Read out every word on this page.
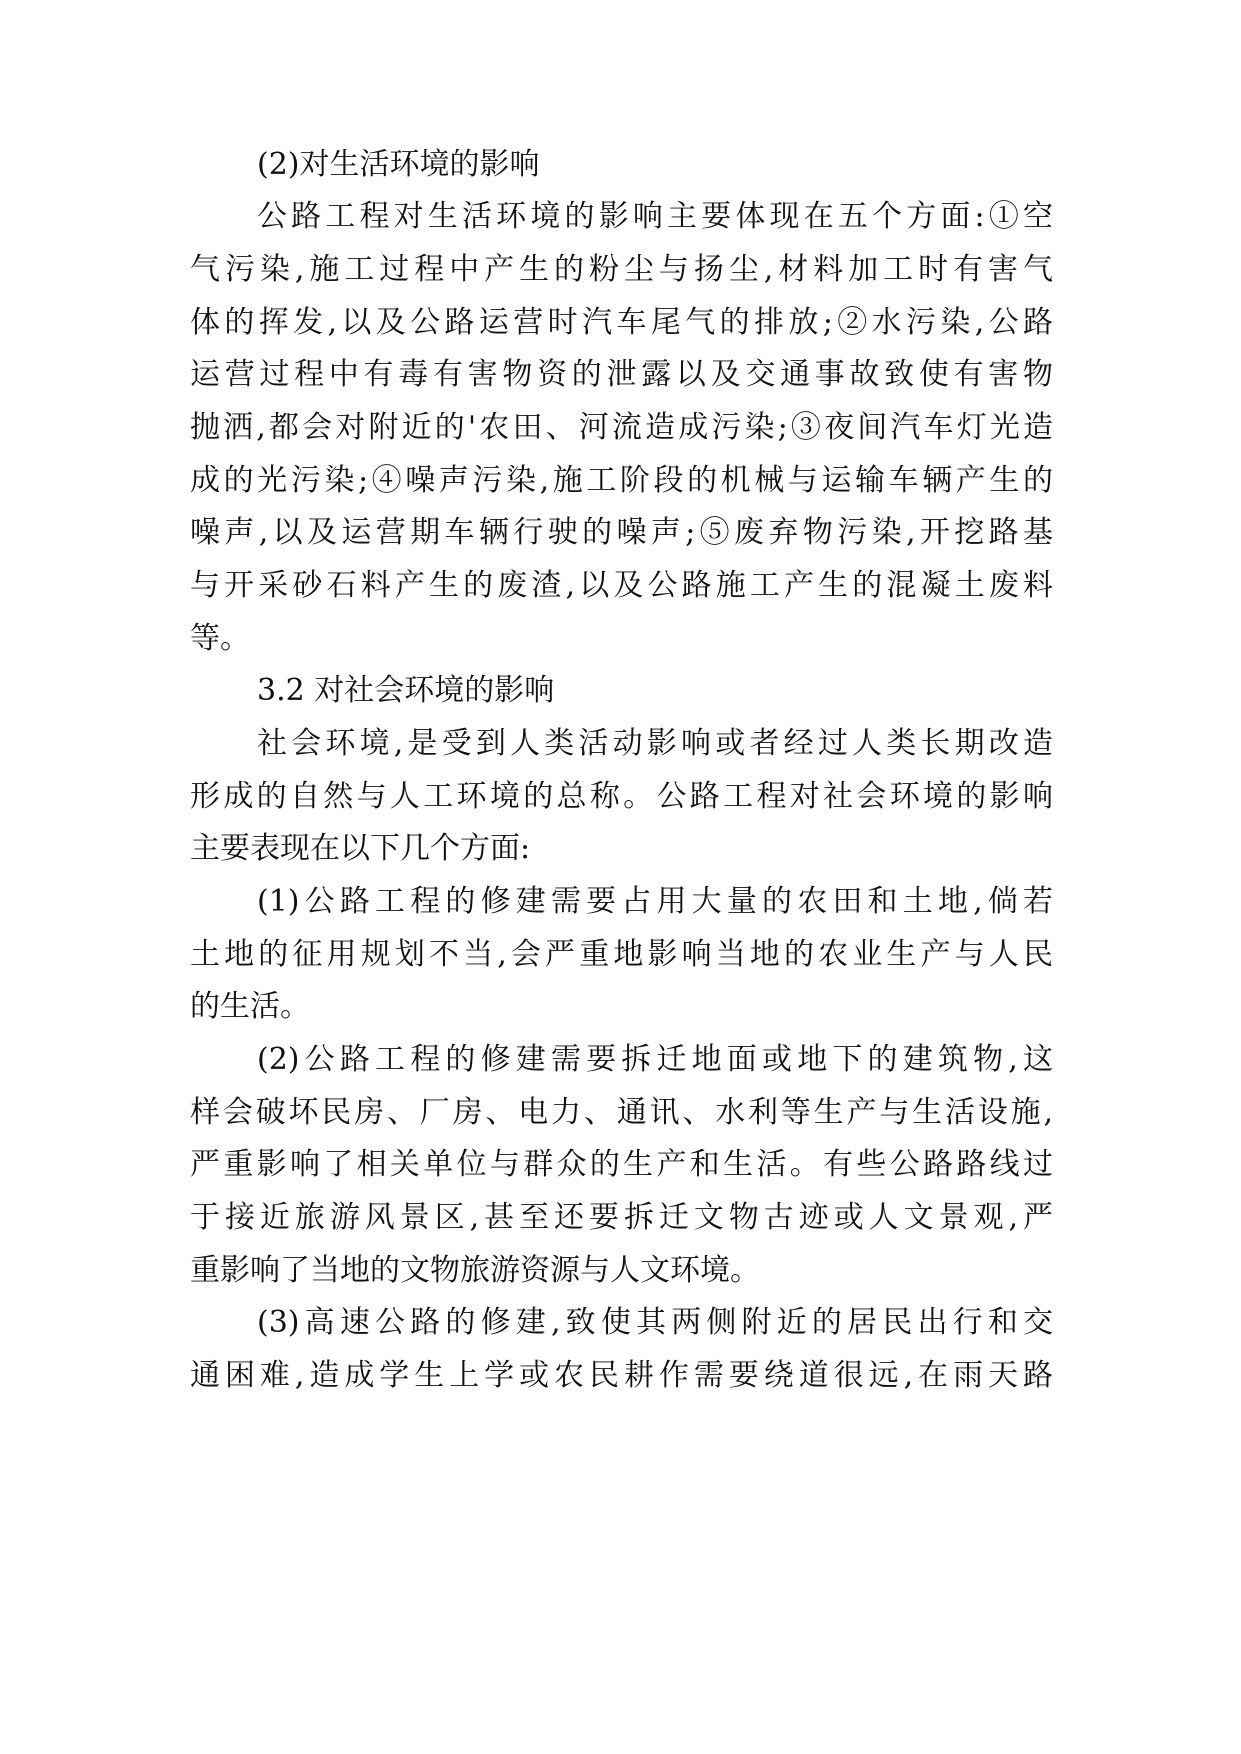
(2)对生活环境的影响
公路工程对生活环境的影响主要体现在五个方面:①空
气污染,施工过程中产生的粉尘与扬尘,材料加工时有害气
体的挥发,以及公路运营时汽车尾气的排放;②水污染,公路
运营过程中有毒有害物资的泄露以及交通事故致使有害物
抛洒,都会对附近的'农田、河流造成污染;③夜间汽车灯光造
成的光污染;④噪声污染,施工阶段的机械与运输车辆产生的
噪声,以及运营期车辆行驶的噪声;⑤废弃物污染,开挖路基
与开采砂石料产生的废渣,以及公路施工产生的混凝土废料
等。
3.2 对社会环境的影响
社会环境,是受到人类活动影响或者经过人类长期改造
形成的自然与人工环境的总称。公路工程对社会环境的影响
主要表现在以下几个方面:
(1)公路工程的修建需要占用大量的农田和土地,倘若
土地的征用规划不当,会严重地影响当地的农业生产与人民
的生活。
(2)公路工程的修建需要拆迁地面或地下的建筑物,这
样会破坏民房、厂房、电力、通讯、水利等生产与生活设施,
严重影响了相关单位与群众的生产和生活。有些公路路线过
于接近旅游风景区,甚至还要拆迁文物古迹或人文景观,严
重影响了当地的文物旅游资源与人文环境。
(3)高速公路的修建,致使其两侧附近的居民出行和交
通困难,造成学生上学或农民耕作需要绕道很远,在雨天路
